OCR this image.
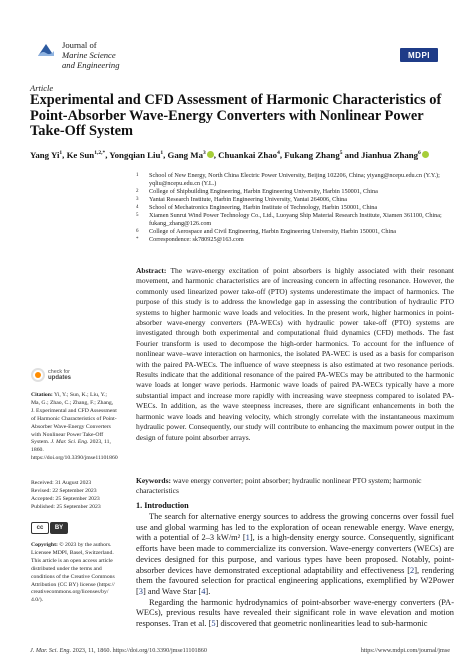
Journal of
Marine Science
and Engineering
MDPI
Article
Experimental and CFD Assessment of Harmonic Characteristics of Point-Absorber Wave-Energy Converters with Nonlinear Power Take-Off System
Yang Yi$^1$, Ke Sun$^{1,2,*}$, Yongqian Liu$^1$, Gang Ma$^3$ , Chuankai Zhao$^4$, Fukang Zhang$^5$ and Jianhua Zhang$^6$
1	School of New Energy, North China Electric Power University, Beijing 102206, China; yiyang@ncepu.edu.cn (Y.Y.); yqliu@ncepu.edu.cn (Y.L.)
2	College of Shipbuilding Engineering, Harbin Engineering University, Harbin 150001, China
3	Yantai Research Institute, Harbin Engineering University, Yantai 264006, China
4	School of Mechatronics Engineering, Harbin Institute of Technology, Harbin 150001, China
5	Xiamen Sunrui Wind Power Technology Co., Ltd., Luoyang Ship Material Research Institute, Xiamen 361100, China; fukang_zhang@126.com
6	College of Aerospace and Civil Engineering, Harbin Engineering University, Harbin 150001, China
*	Correspondence: sk780925@163.com
Abstract: The wave-energy excitation of point absorbers is highly associated with their resonant movement, and harmonic characteristics are of increasing concern in affecting resonance. However, the commonly used linearized power take-off (PTO) systems underestimate the impact of harmonics. The purpose of this study is to address the knowledge gap in assessing the contribution of hydraulic PTO systems to higher harmonic wave loads and velocities. In the present work, higher harmonics in point-absorber wave-energy converters (PA-WECs) with hydraulic power take-off (PTO) systems are investigated through both experimental and computational fluid dynamics (CFD) methods. The fast Fourier transform is used to decompose the high-order harmonics. To account for the influence of nonlinear wave–wave interaction on harmonics, the isolated PA-WEC is used as a basis for comparison with the paired PA-WECs. The influence of wave steepness is also estimated at two resonance periods. Results indicate that the additional resonance of the paired PA-WECs may be attributed to the harmonic wave loads at longer wave periods. Harmonic wave loads of paired PA-WECs typically have a more substantial impact and increase more rapidly with increasing wave steepness compared to isolated PA-WECs. In addition, as the wave steepness increases, there are significant enhancements in both the harmonic wave loads and heaving velocity, which strongly correlate with the instantaneous maximum hydraulic power. Consequently, our study will contribute to enhancing the maximum power output in the design of future point absorber arrays.
Keywords: wave energy converter; point absorber; hydraulic nonlinear PTO system; harmonic characteristics
check for
updates
Citation: Yi, Y.; Sun, K.; Liu, Y.; Ma, G.; Zhao, C.; Zhang, F.; Zhang, J. Experimental and CFD Assessment of Harmonic Characteristics of Point-Absorber Wave-Energy Converters with Nonlinear Power Take-Off System. J. Mar. Sci. Eng. 2023, 11, 1860. https://doi.org/10.3390/jmse11101860
Received: 31 August 2023
Revised: 22 September 2023
Accepted: 25 September 2023
Published: 25 September 2023
cc	BY
Copyright: © 2023 by the authors. Licensee MDPI, Basel, Switzerland. This article is an open access article distributed under the terms and conditions of the Creative Commons Attribution (CC BY) license (https:// creativecommons.org/licenses/by/ 4.0/).
1. Introduction

The search for alternative energy sources to address the growing concerns over fossil fuel use and global warming has led to the exploration of ocean renewable energy. Wave energy, with a potential of 2–3 kW/m² [1], is a high-density energy source. Consequently, significant efforts have been made to commercialize its conversion. Wave-energy converters (WECs) are devices designed for this purpose, and various types have been proposed. Notably, point-absorber devices have demonstrated exceptional adaptability and effectiveness [2], rendering them the favoured selection for practical engineering applications, exemplified by W2Power [3] and Wave Star [4].

Regarding the harmonic hydrodynamics of point-absorber wave-energy converters (PA-WECs), previous results have revealed their significant role in wave elevation and motion responses. Tran et al. [5] discovered that geometric nonlinearities lead to sub-harmonic

J. Mar. Sci. Eng. 2023, 11, 1860. https://doi.org/10.3390/jmse11101860	https://www.mdpi.com/journal/jmse
